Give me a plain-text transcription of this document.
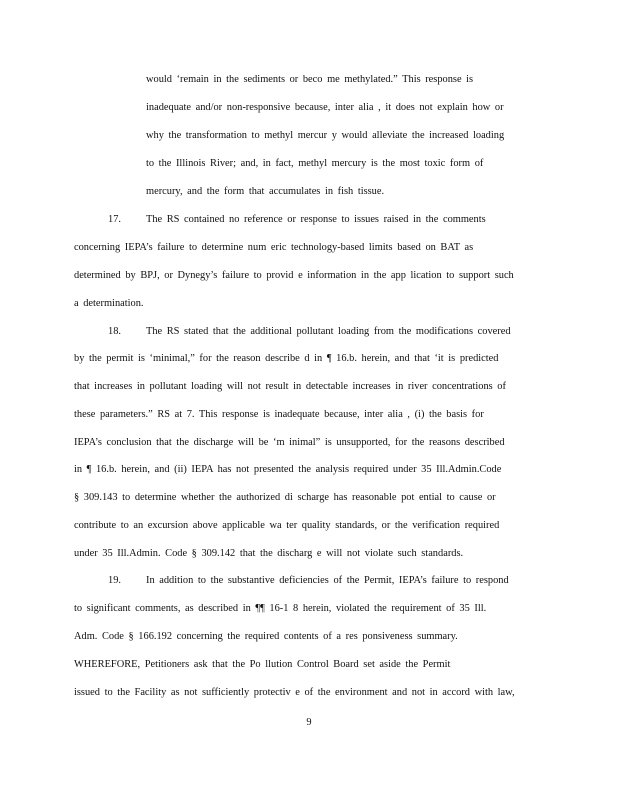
would ‘remain in the sediments or beco me methylated.” This response is
inadequate and/or non-responsive because, inter alia , it does not explain how or
why the transformation to methyl mercur y would alleviate the increased loading
to the Illinois River; and, in fact, methyl mercury is the most toxic form of
mercury, and the form that accumulates in fish tissue.
17. The RS contained no reference or response to issues raised in the comments
concerning IEPA’s failure to determine num eric technology-based limits based on BAT as
determined by BPJ, or Dynegy’s failure to provid e information in the app lication to support such
a determination.
18. The RS stated that the additional pollutant loading from the modifications covered
by the permit is ‘minimal,” for the reason describe d in ¶ 16.b. herein, and that ‘it is predicted
that increases in pollutant loading will not result in detectable increases in river concentrations of
these parameters.” RS at 7. This response is inadequate because, inter alia , (i) the basis for
IEPA’s conclusion that the discharge will be ‘m inimal” is unsupported, for the reasons described
in ¶ 16.b. herein, and (ii) IEPA has not presented the analysis required under 35 Ill.Admin.Code
§ 309.143 to determine whether the authorized di scharge has reasonable pot ential to cause or
contribute to an excursion above applicable wa ter quality standards, or the verification required
under 35 Ill.Admin. Code § 309.142 that the discharg e will not violate such standards.
19. In addition to the substantive deficiencies of the Permit, IEPA’s failure to respond
to significant comments, as described in ¶¶ 16-1 8 herein, violated the requirement of 35 Ill.
Adm. Code § 166.192 concerning the required contents of a res ponsiveness summary.
WHEREFORE, Petitioners ask that the Po llution Control Board set aside the Permit
issued to the Facility as not sufficiently protectiv e of the environment and not in accord with law,
9
